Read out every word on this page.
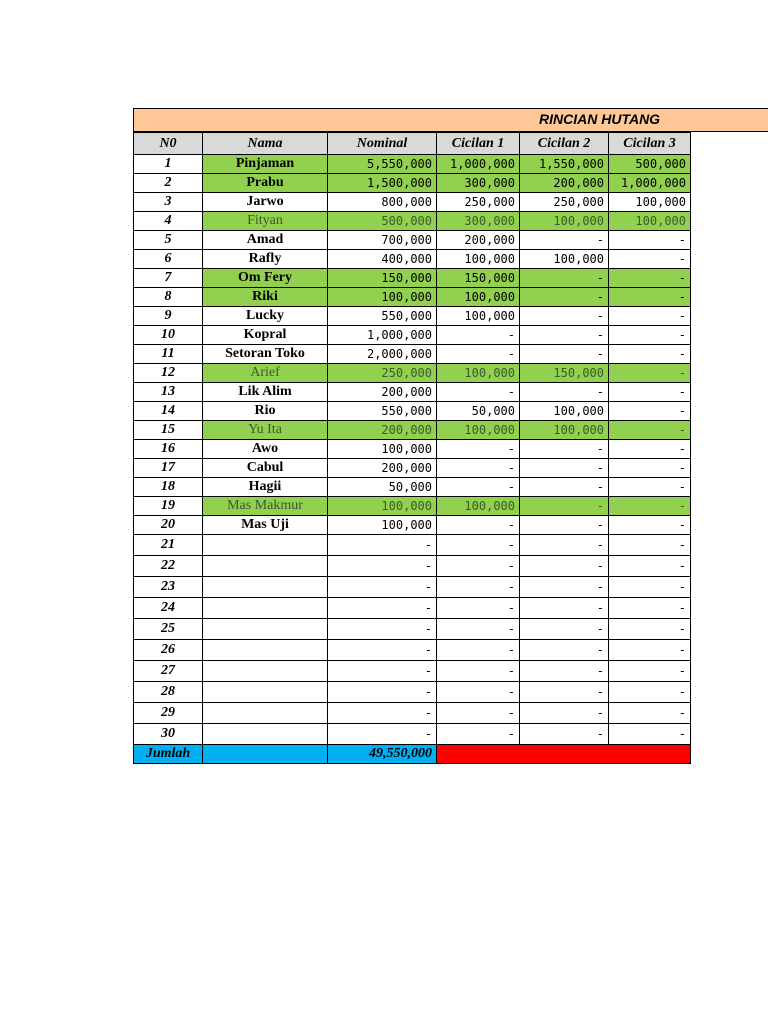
RINCIAN HUTANG
N0	Nama	Nominal	Cicilan 1	Cicilan 2	Cicilan 3
1	Pinjaman	5,550,000	1,000,000	1,550,000	500,000
2	Prabu	1,500,000	300,000	200,000	1,000,000
3	Jarwo	800,000	250,000	250,000	100,000
4	Fityan	500,000	300,000	100,000	100,000
5	Amad	700,000	200,000	-	-
6	Rafly	400,000	100,000	100,000	-
7	Om Fery	150,000	150,000	-	-
8	Riki	100,000	100,000	-	-
9	Lucky	550,000	100,000	-	-
10	Kopral	1,000,000	-	-	-
11	Setoran Toko	2,000,000	-	-	-
12	Arief	250,000	100,000	150,000	-
13	Lik Alim	200,000	-	-	-
14	Rio	550,000	50,000	100,000	-
15	Yu Ita	200,000	100,000	100,000	-
16	Awo	100,000	-	-	-
17	Cabul	200,000	-	-	-
18	Hagii	50,000	-	-	-
19	Mas Makmur	100,000	100,000	-	-
20	Mas Uji	100,000	-	-	-
21		-	-	-	-
22		-	-	-	-
23		-	-	-	-
24		-	-	-	-
25		-	-	-	-
26		-	-	-	-
27		-	-	-	-
28		-	-	-	-
29		-	-	-	-
30		-	-	-	-
Jumlah		49,550,000			
